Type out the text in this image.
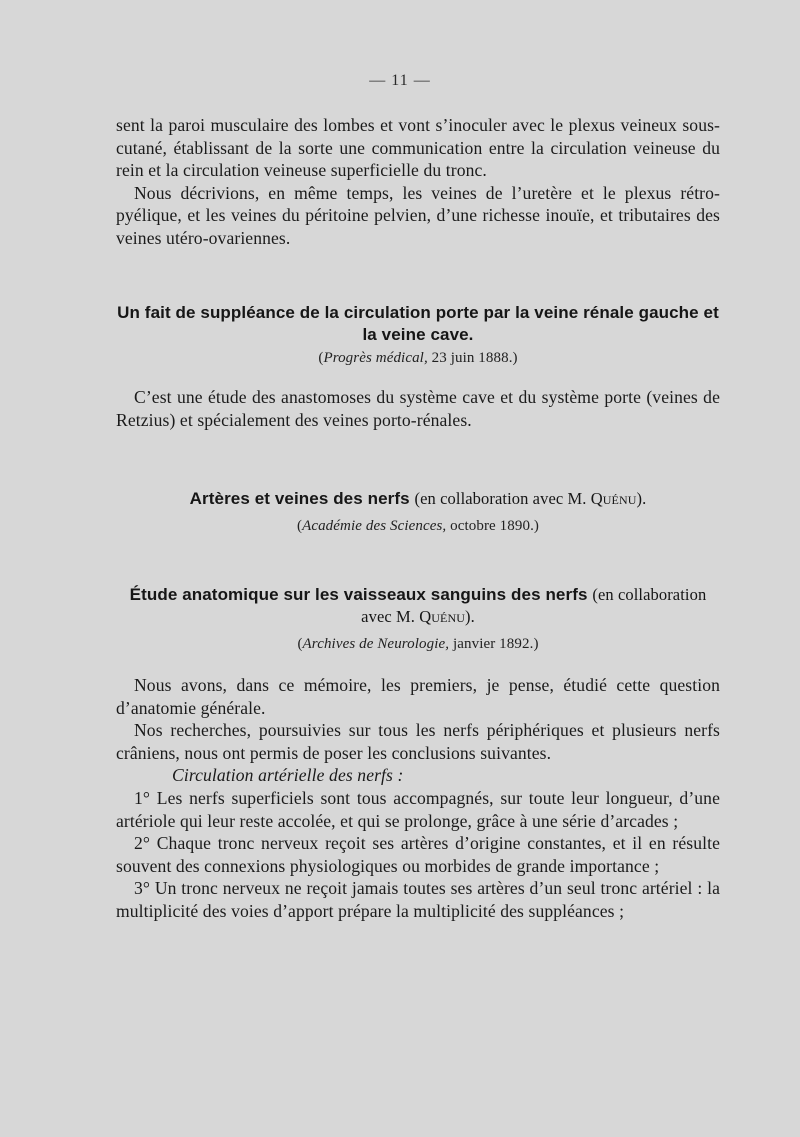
— 11 —

sent la paroi musculaire des lombes et vont s’inoculer avec le plexus veineux sous-cutané, établissant de la sorte une communication entre la circulation veineuse du rein et la circulation veineuse superficielle du tronc.

Nous décrivions, en même temps, les veines de l’uretère et le plexus rétro-pyélique, et les veines du péritoine pelvien, d’une richesse inouïe, et tributaires des veines utéro-ovariennes.

Un fait de suppléance de la circulation porte par la veine rénale gauche et la veine cave.
(Progrès médical, 23 juin 1888.)

C’est une étude des anastomoses du système cave et du système porte (veines de Retzius) et spécialement des veines porto-rénales.

Artères et veines des nerfs (en collaboration avec M. Quénu).
(Académie des Sciences, octobre 1890.)
Étude anatomique sur les vaisseaux sanguins des nerfs (en collaboration avec M. Quénu).
(Archives de Neurologie, janvier 1892.)

Nous avons, dans ce mémoire, les premiers, je pense, étudié cette question d’anatomie générale.

Nos recherches, poursuivies sur tous les nerfs périphériques et plusieurs nerfs crâniens, nous ont permis de poser les conclusions suivantes.

Circulation artérielle des nerfs :

1° Les nerfs superficiels sont tous accompagnés, sur toute leur longueur, d’une artériole qui leur reste accolée, et qui se prolonge, grâce à une série d’arcades ;

2° Chaque tronc nerveux reçoit ses artères d’origine constantes, et il en résulte souvent des connexions physiologiques ou morbides de grande importance ;

3° Un tronc nerveux ne reçoit jamais toutes ses artères d’un seul tronc artériel : la multiplicité des voies d’apport prépare la multiplicité des suppléances ;
